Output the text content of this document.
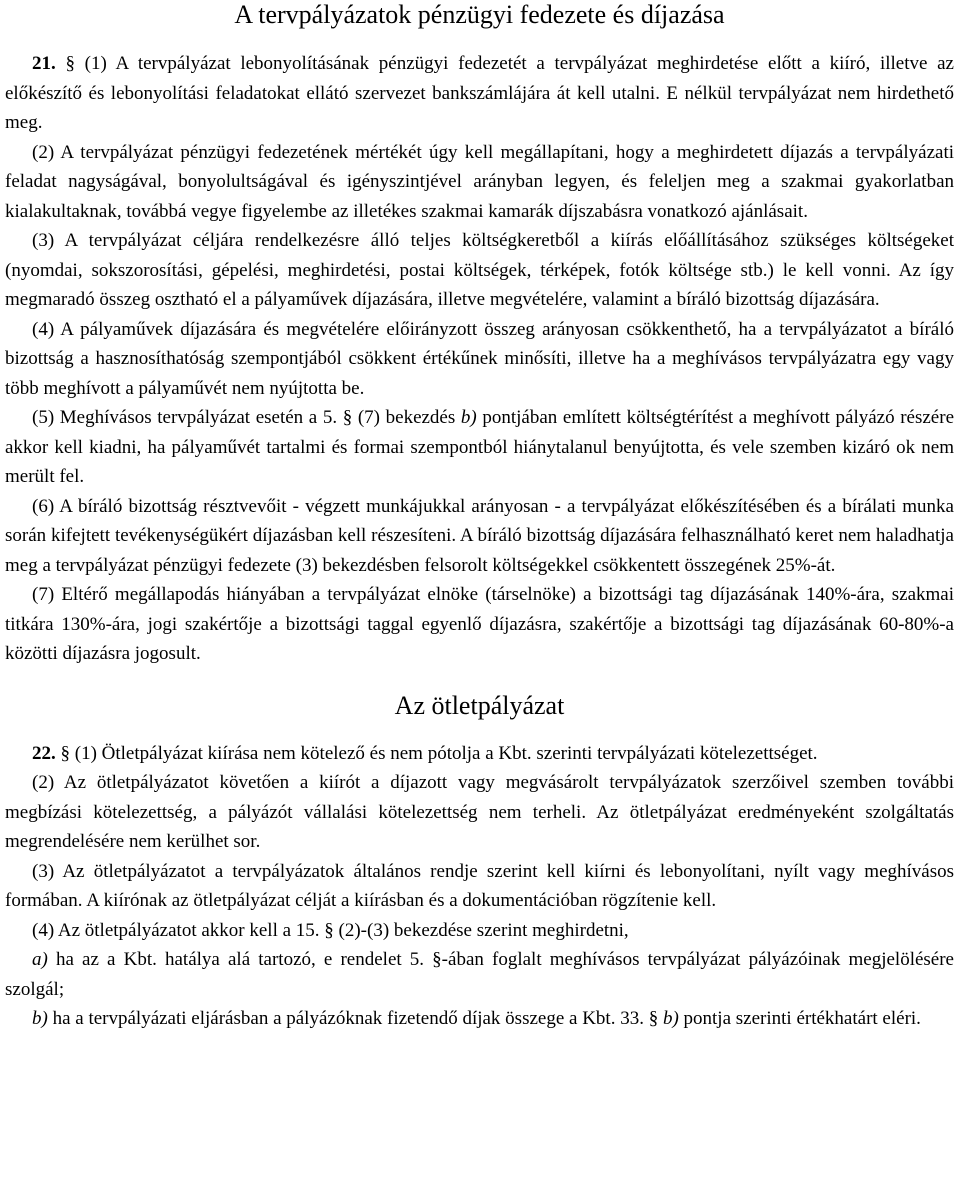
A tervpályázatok pénzügyi fedezete és díjazása

21. § (1) A tervpályázat lebonyolításának pénzügyi fedezetét a tervpályázat meghirdetése előtt a kiíró, illetve az előkészítő és lebonyolítási feladatokat ellátó szervezet bankszámlájára át kell utalni. E nélkül tervpályázat nem hirdethető meg.

(2) A tervpályázat pénzügyi fedezetének mértékét úgy kell megállapítani, hogy a meghirdetett díjazás a tervpályázati feladat nagyságával, bonyolultságával és igényszintjével arányban legyen, és feleljen meg a szakmai gyakorlatban kialakultaknak, továbbá vegye figyelembe az illetékes szakmai kamarák díjszabásra vonatkozó ajánlásait.

(3) A tervpályázat céljára rendelkezésre álló teljes költségkeretből a kiírás előállításához szükséges költségeket (nyomdai, sokszorosítási, gépelési, meghirdetési, postai költségek, térképek, fotók költsége stb.) le kell vonni. Az így megmaradó összeg osztható el a pályaművek díjazására, illetve megvételére, valamint a bíráló bizottság díjazására.

(4) A pályaművek díjazására és megvételére előirányzott összeg arányosan csökkenthető, ha a tervpályázatot a bíráló bizottság a hasznosíthatóság szempontjából csökkent értékűnek minősíti, illetve ha a meghívásos tervpályázatra egy vagy több meghívott a pályaművét nem nyújtotta be.

(5) Meghívásos tervpályázat esetén a 5. § (7) bekezdés b) pontjában említett költségtérítést a meghívott pályázó részére akkor kell kiadni, ha pályaművét tartalmi és formai szempontból hiánytalanul benyújtotta, és vele szemben kizáró ok nem merült fel.

(6) A bíráló bizottság résztvevőit - végzett munkájukkal arányosan - a tervpályázat előkészítésében és a bírálati munka során kifejtett tevékenységükért díjazásban kell részesíteni. A bíráló bizottság díjazására felhasználható keret nem haladhatja meg a tervpályázat pénzügyi fedezete (3) bekezdésben felsorolt költségekkel csökkentett összegének 25%-át.

(7) Eltérő megállapodás hiányában a tervpályázat elnöke (társelnöke) a bizottsági tag díjazásának 140%-ára, szakmai titkára 130%-ára, jogi szakértője a bizottsági taggal egyenlő díjazásra, szakértője a bizottsági tag díjazásának 60-80%-a közötti díjazásra jogosult.

Az ötletpályázat

22. § (1) Ötletpályázat kiírása nem kötelező és nem pótolja a Kbt. szerinti tervpályázati kötelezettséget.

(2) Az ötletpályázatot követően a kiírót a díjazott vagy megvásárolt tervpályázatok szerzőivel szemben további megbízási kötelezettség, a pályázót vállalási kötelezettség nem terheli. Az ötletpályázat eredményeként szolgáltatás megrendelésére nem kerülhet sor.

(3) Az ötletpályázatot a tervpályázatok általános rendje szerint kell kiírni és lebonyolítani, nyílt vagy meghívásos formában. A kiírónak az ötletpályázat célját a kiírásban és a dokumentációban rögzítenie kell.

(4) Az ötletpályázatot akkor kell a 15. § (2)-(3) bekezdése szerint meghirdetni,

a) ha az a Kbt. hatálya alá tartozó, e rendelet 5. §-ában foglalt meghívásos tervpályázat pályázóinak megjelölésére szolgál;

b) ha a tervpályázati eljárásban a pályázóknak fizetendő díjak összege a Kbt. 33. § b) pontja szerinti értékhatárt eléri.
